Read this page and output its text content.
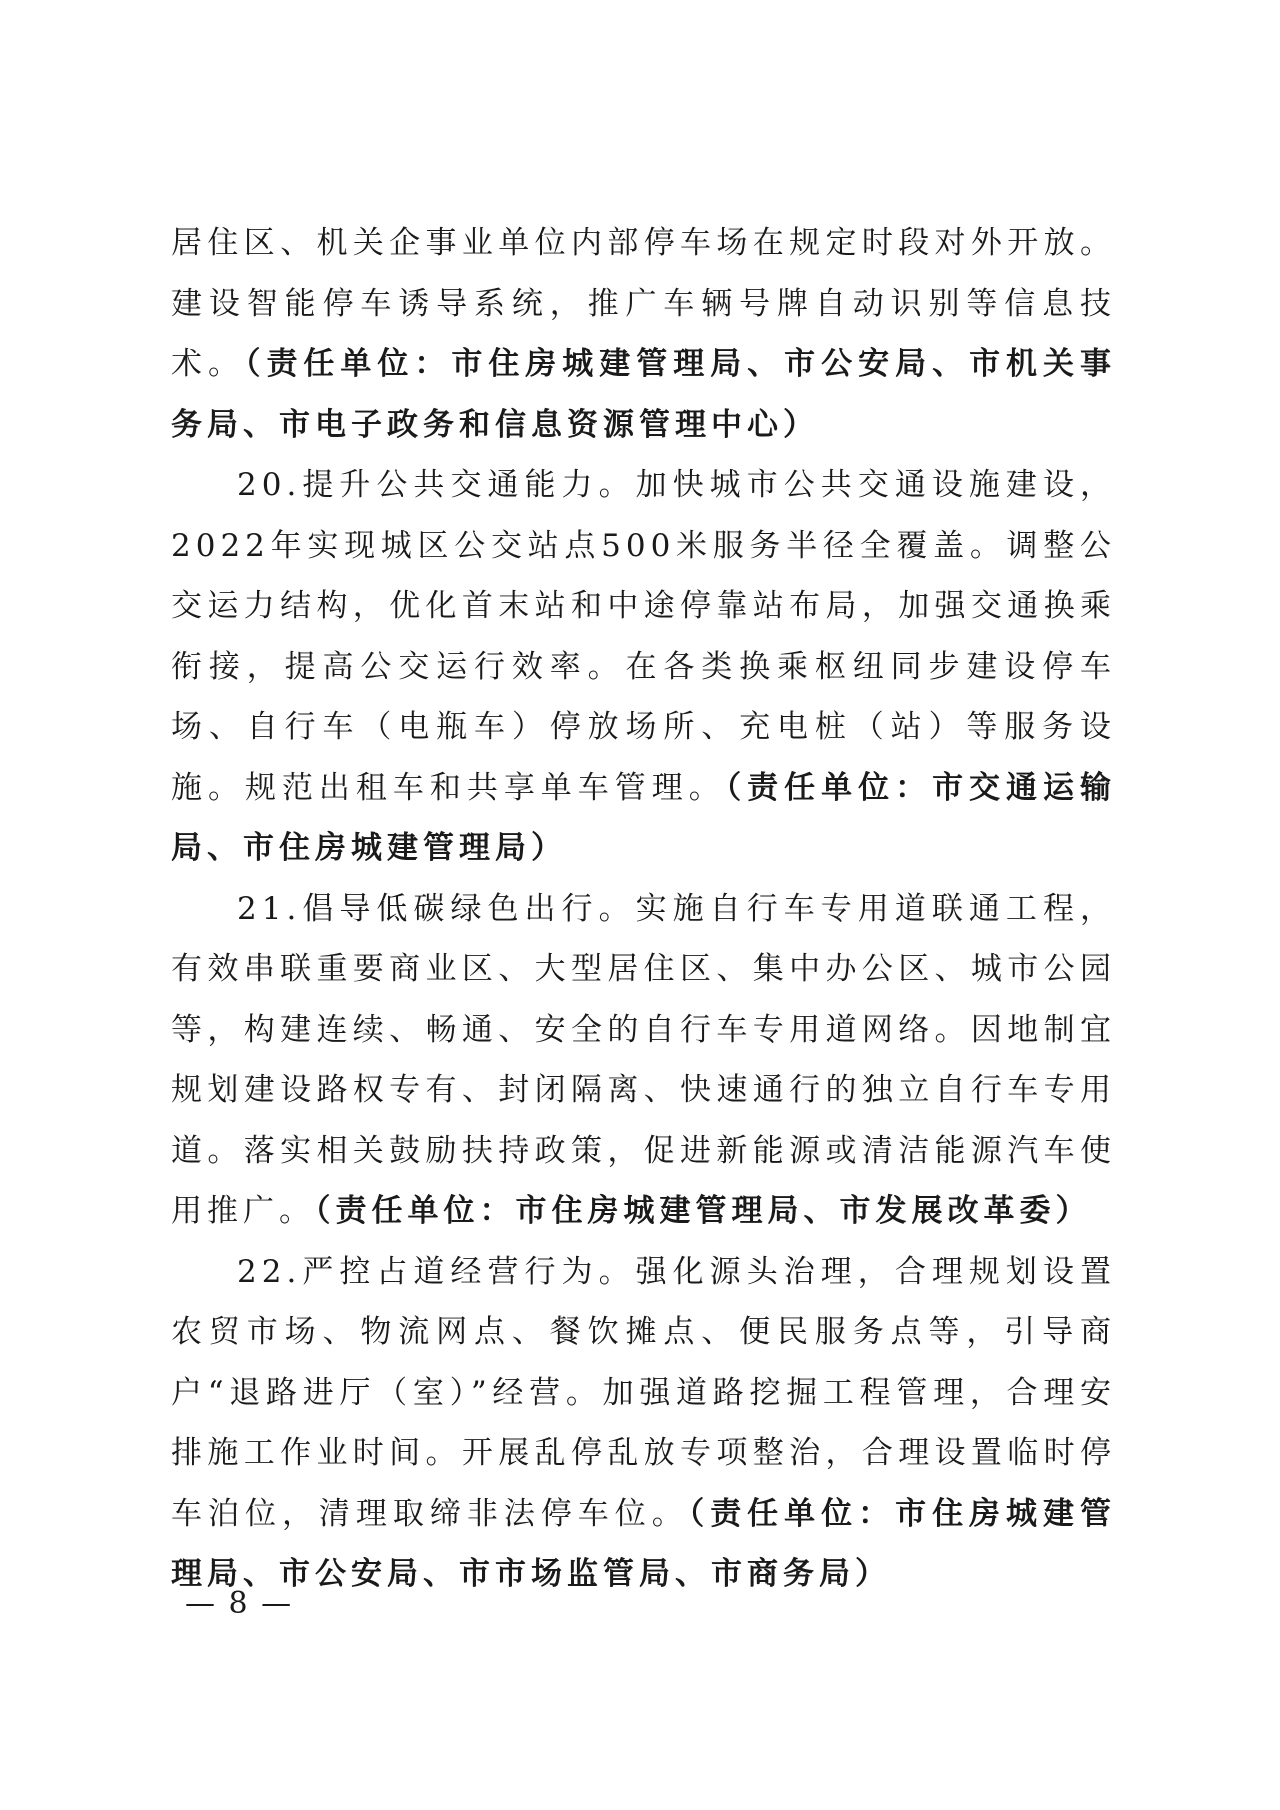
居住区、机关企事业单位内部停车场在规定时段对外开放。建设智能停车诱导系统，推广车辆号牌自动识别等信息技术。（责任单位：市住房城建管理局、市公安局、市机关事务局、市电子政务和信息资源管理中心）

20.提升公共交通能力。加快城市公共交通设施建设，2022年实现城区公交站点500米服务半径全覆盖。调整公交运力结构，优化首末站和中途停靠站布局，加强交通换乘衔接，提高公交运行效率。在各类换乘枢纽同步建设停车场、自行车（电瓶车）停放场所、充电桩（站）等服务设施。规范出租车和共享单车管理。（责任单位：市交通运输局、市住房城建管理局）

21.倡导低碳绿色出行。实施自行车专用道联通工程，有效串联重要商业区、大型居住区、集中办公区、城市公园等，构建连续、畅通、安全的自行车专用道网络。因地制宜规划建设路权专有、封闭隔离、快速通行的独立自行车专用道。落实相关鼓励扶持政策，促进新能源或清洁能源汽车使用推广。（责任单位：市住房城建管理局、市发展改革委）

22.严控占道经营行为。强化源头治理，合理规划设置农贸市场、物流网点、餐饮摊点、便民服务点等，引导商户“退路进厅（室）”经营。加强道路挖掘工程管理，合理安排施工作业时间。开展乱停乱放专项整治，合理设置临时停车泊位，清理取缔非法停车位。（责任单位：市住房城建管理局、市公安局、市市场监管局、市商务局）

— 8 —
